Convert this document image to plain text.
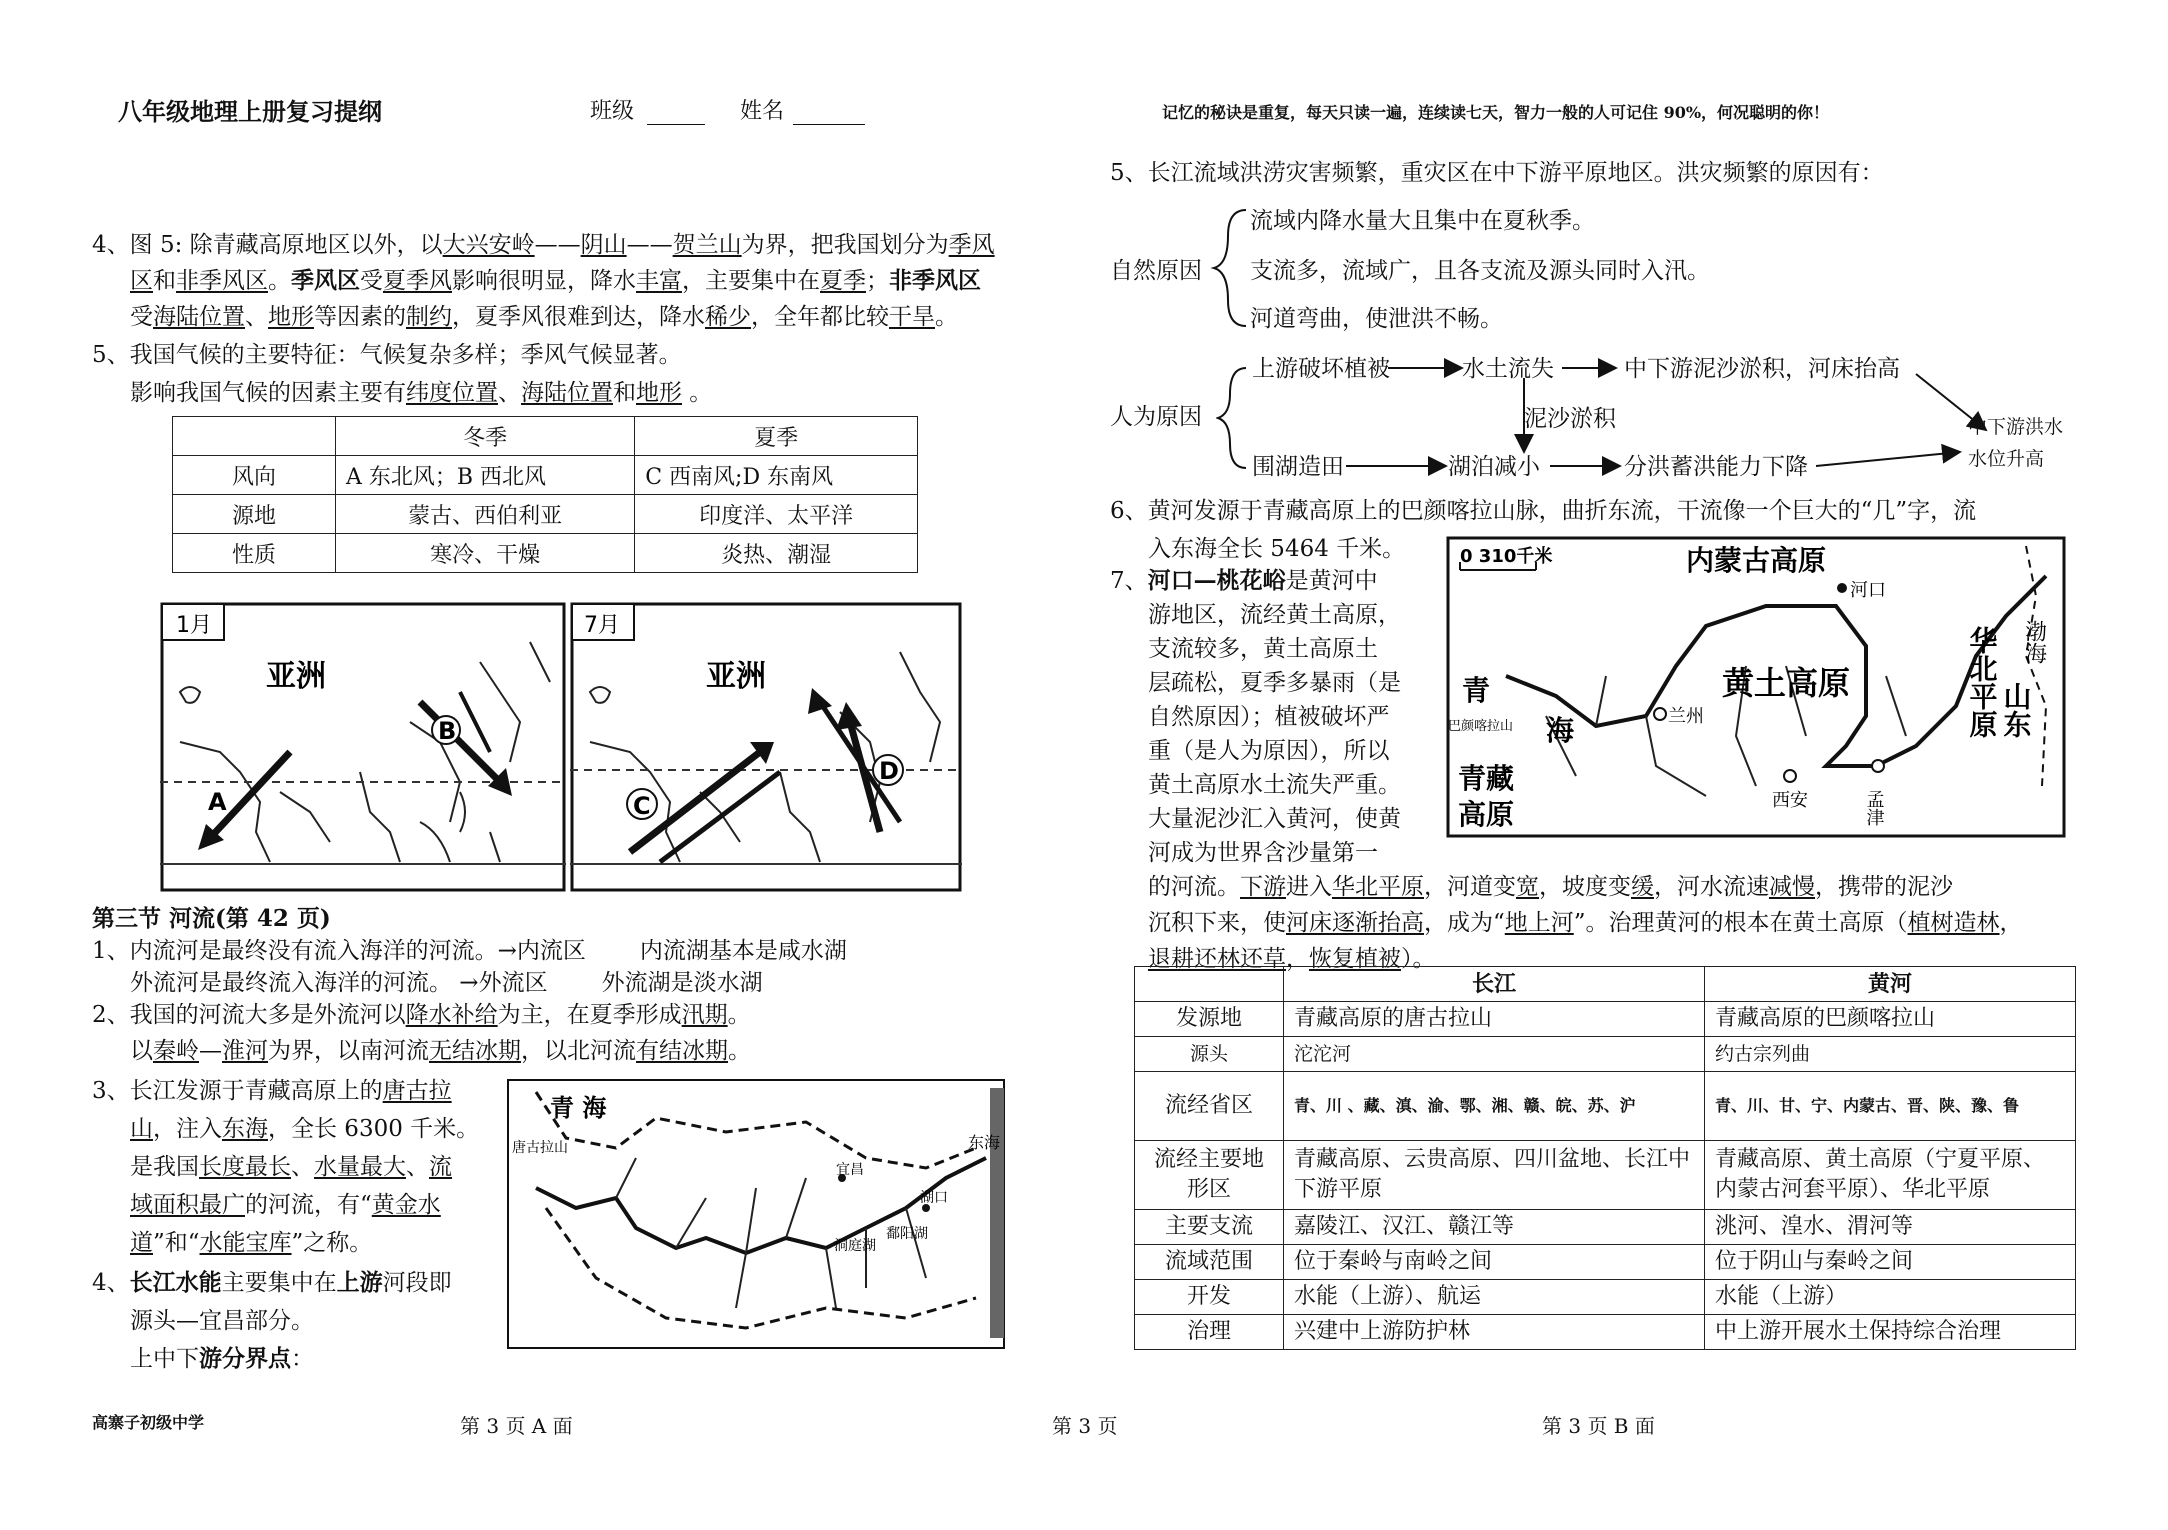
八年级地理上册复习提纲	班级	姓名	记忆的秘诀是重复，每天只读一遍，连续读七天，智力一般的人可记住 90%，何况聪明的你！
4、图 5: 除青藏高原地区以外，以大兴安岭——阴山——贺兰山为界，把我国划分为季风
区和非季风区。季风区受夏季风影响很明显，降水丰富，主要集中在夏季；非季风区
受海陆位置、地形等因素的制约，夏季风很难到达，降水稀少，全年都比较干旱。
5、我国气候的主要特征：气候复杂多样；季风气候显著。
影响我国气候的因素主要有纬度位置、海陆位置和地形 。
	冬季	夏季
风向	A 东北风；B 西北风	C 西南风;D 东南风
源地	蒙古、西伯利亚	印度洋、太平洋
性质	寒冷、干燥	炎热、潮湿
1月
亚洲
A
B
7月
亚洲
C
D
第三节 河流(第 42 页)
1、内流河是最终没有流入海洋的河流。→内流区 内流湖基本是咸水湖
外流河是最终流入海洋的河流。 →外流区 外流湖是淡水湖
2、我国的河流大多是外流河以降水补给为主，在夏季形成汛期。
以秦岭—淮河为界，以南河流无结冰期，以北河流有结冰期。
3、长江发源于青藏高原上的唐古拉
山，注入东海，全长 6300 千米。
是我国长度最长、水量最大、流
域面积最广的河流，有“黄金水
道”和“水能宝库”之称。
4、长江水能主要集中在上游河段即
源头—宜昌部分。
上中下游分界点：
青 海
唐古拉山
宜昌
湖口
东海
洞庭湖
鄱阳湖
5、长江流域洪涝灾害频繁，重灾区在中下游平原地区。洪灾频繁的原因有：
自然原因
流域内降水量大且集中在夏秋季。
支流多，流域广，且各支流及源头同时入汛。
河道弯曲，使泄洪不畅。
人为原因
上游破坏植被	水土流失	中下游泥沙淤积，河床抬高
泥沙淤积	中下游洪水
水位升高
围湖造田	湖泊减小	分洪蓄洪能力下降
6、黄河发源于青藏高原上的巴颜喀拉山脉，曲折东流，干流像一个巨大的“几”字，流
入东海全长 5464 千米。
7、河口—桃花峪是黄河中
游地区，流经黄土高原，
支流较多，黄土高原土
层疏松，夏季多暴雨（是
自然原因）；植被破坏严
重（是人为原因），所以
黄土高原水土流失严重。
大量泥沙汇入黄河，使黄
河成为世界含沙量第一
的河流。下游进入华北平原，河道变宽，坡度变缓，河水流速减慢，携带的泥沙
沉积下来，使河床逐渐抬高，成为“地上河”。治理黄河的根本在黄土高原（植树造林，
退耕还林还草，恢复植被）。
0 310千米	内蒙古高原
河口
青
海
巴颜喀拉山	兰州
黄土高原
青藏
高原	西安	孟津
华北平原 渤海
山东
	长江	黄河
发源地	青藏高原的唐古拉山	青藏高原的巴颜喀拉山
源头	沱沱河	约古宗列曲
流经省区	青、川 、藏、滇、渝、鄂、湘、赣、皖、苏、沪	青、川、甘、宁、内蒙古、晋、陕、豫、鲁
流经主要地形区	青藏高原、云贵高原、四川盆地、长江中下游平原	青藏高原、黄土高原（宁夏平原、内蒙古河套平原）、华北平原
主要支流	嘉陵江、汉江、赣江等	洮河、湟水、渭河等
流域范围	位于秦岭与南岭之间	位于阴山与秦岭之间
开发	水能（上游）、航运	水能（上游）
治理	兴建中上游防护林	中上游开展水土保持综合治理
高寨子初级中学	第 3 页 A 面	第 3 页	第 3 页 B 面
